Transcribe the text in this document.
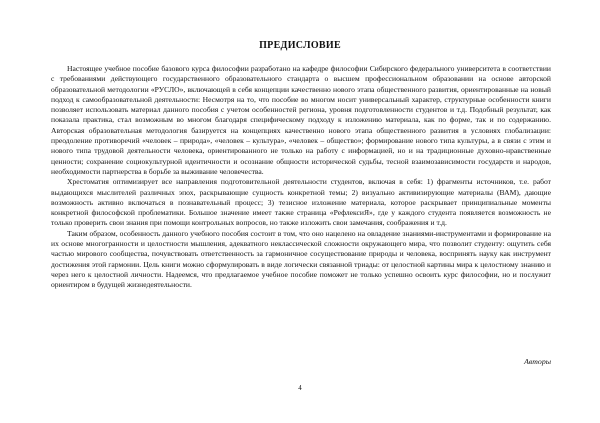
ПРЕДИСЛОВИЕ

Настоящее учебное пособие базового курса философии разработано на кафедре философии Сибирского федерального университета в соответствии с требованиями действующего государственного образовательного стандарта о высшем профессиональном образовании на основе авторской образовательной методологии «РУСЛО», включающей в себя концепции качественно нового этапа общественного развития, ориентированные на новый подход к самообразовательной деятельности: Несмотря на то, что пособие во многом носит универсальный характер, структурные особенности книги позволяет использовать материал данного пособия с учетом особенностей региона, уровня подготовленности студентов и т.д. Подобный результат, как показала практика, стал возможным во многом благодаря специфическому подходу к изложению материала, как по форме, так и по содержанию. Авторская образовательная методология базируется на концепциях качественно нового этапа общественного развития в условиях глобализации: преодоление противоречий «человек – природа», «человек – культура», «человек – общество»; формирование нового типа культуры, а в связи с этим и нового типа трудовой деятельности человека, ориентированного не только на работу с информацией, но и на традиционные духовно-нравственные ценности; сохранение социокультурной идентичности и осознание общности исторической судьбы, тесной взаимозависимости государств и народов, необходимости партнерства в борьбе за выживание человечества.

Хрестоматия оптимизирует все направления подготовительной деятельности студентов, включая в себя: 1) фрагменты источников, т.е. работ выдающихся мыслителей различных эпох, раскрывающие сущность конкретной темы; 2) визуально активизирующие материалы (ВАМ), дающие возможность активно включаться в познавательный процесс; 3) тезисное изложение материала, которое раскрывает принципиальные моменты конкретной философской проблематики. Большое значение имеет также страница «РефлексиЯ», где у каждого студента появляется возможность не только проверить свои знания при помощи контрольных вопросов, но также изложить свои замечания, соображения и т.д.

Таким образом, особенность данного учебного пособия состоит в том, что оно нацелено на овладение знаниями-инструментами и формирование на их основе многогранности и целостности мышления, адекватного неклассической сложности окружающего мира, что позволит студенту: ощутить себя частью мирового сообщества, почувствовать ответственность за гармоничное сосуществование природы и человека, воспринять науку как инструмент достижения этой гармонии. Цель книги можно сформулировать в виде логически связанной триады: от целостной картины мира к целостному знанию и через него к целостной личности. Надеемся, что предлагаемое учебное пособие поможет не только успешно освоить курс философии, но и послужит ориентиром в будущей жизнедеятельности.

Авторы
4
